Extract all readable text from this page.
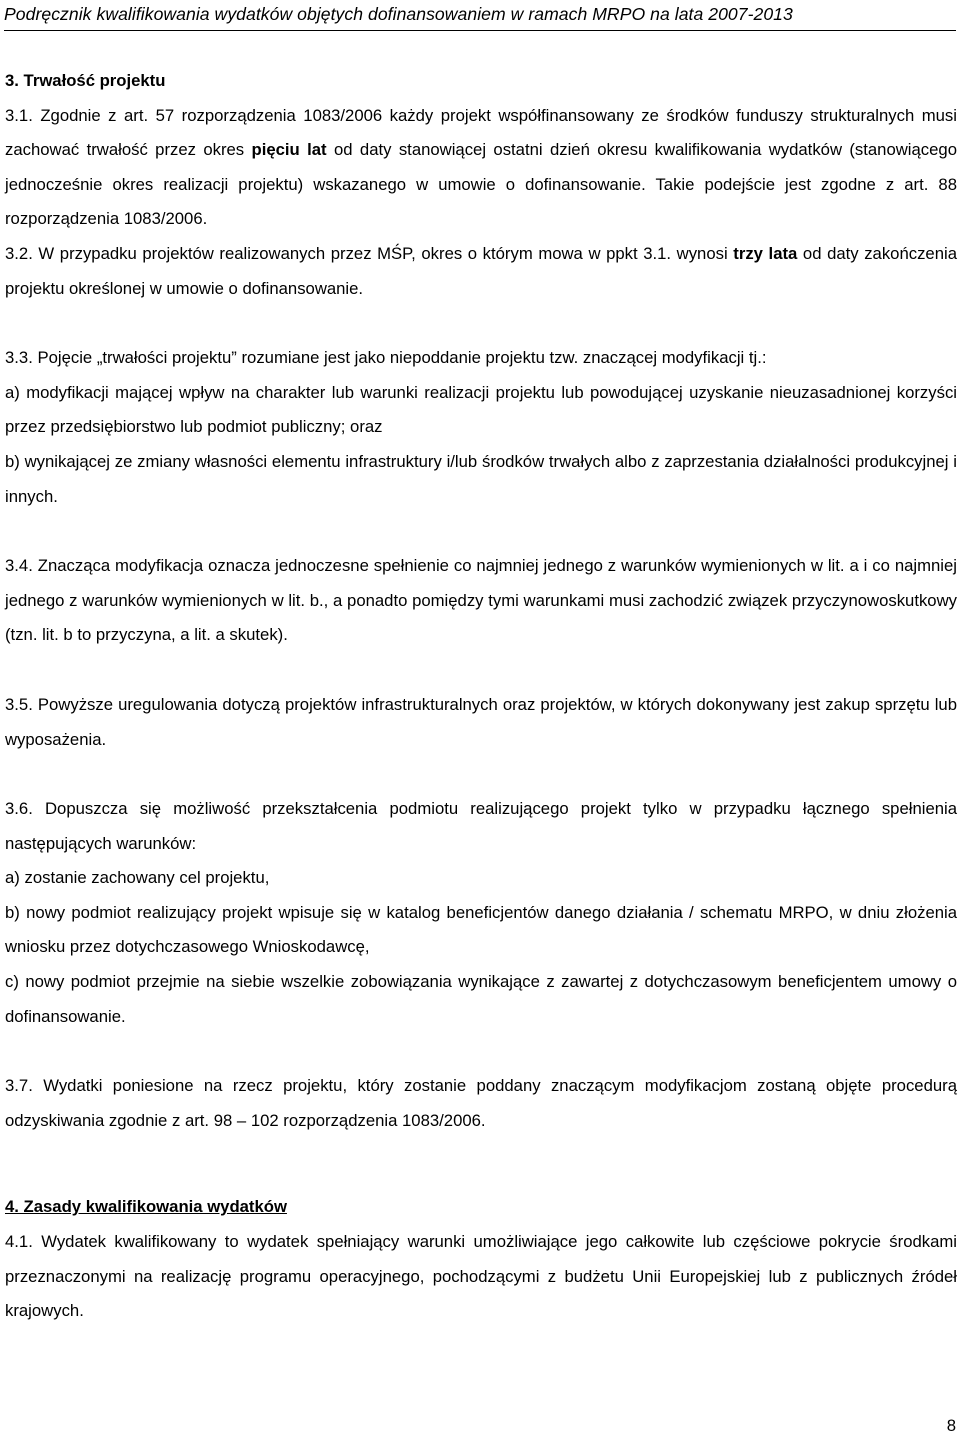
Podręcznik kwalifikowania wydatków objętych dofinansowaniem w ramach MRPO na lata 2007-2013

3. Trwałość projektu

3.1. Zgodnie z art. 57 rozporządzenia 1083/2006 każdy projekt współfinansowany ze środków funduszy strukturalnych musi zachować trwałość przez okres pięciu lat od daty stanowiącej ostatni dzień okresu kwalifikowania wydatków (stanowiącego jednocześnie okres realizacji projektu) wskazanego w umowie o dofinansowanie. Takie podejście jest zgodne z art. 88 rozporządzenia 1083/2006.

3.2. W przypadku projektów realizowanych przez MŚP, okres o którym mowa w ppkt 3.1. wynosi trzy lata od daty zakończenia projektu określonej w umowie o dofinansowanie.

3.3. Pojęcie „trwałości projektu” rozumiane jest jako niepoddanie projektu tzw. znaczącej modyfikacji tj.:

a) modyfikacji mającej wpływ na charakter lub warunki realizacji projektu lub powodującej uzyskanie nieuzasadnionej korzyści przez przedsiębiorstwo lub podmiot publiczny; oraz

b) wynikającej ze zmiany własności elementu infrastruktury i/lub środków trwałych albo z zaprzestania działalności produkcyjnej i innych.

3.4. Znacząca modyfikacja oznacza jednoczesne spełnienie co najmniej jednego z warunków wymienionych w lit. a i co najmniej jednego z warunków wymienionych w lit. b., a ponadto pomiędzy tymi warunkami musi zachodzić związek przyczynowoskutkowy (tzn. lit. b to przyczyna, a lit. a skutek).

3.5. Powyższe uregulowania dotyczą projektów infrastrukturalnych oraz projektów, w których dokonywany jest zakup sprzętu lub wyposażenia.

3.6. Dopuszcza się możliwość przekształcenia podmiotu realizującego projekt tylko w przypadku łącznego spełnienia następujących warunków:

a) zostanie zachowany cel projektu,

b) nowy podmiot realizujący projekt wpisuje się w katalog beneficjentów danego działania / schematu MRPO, w dniu złożenia wniosku przez dotychczasowego Wnioskodawcę,

c) nowy podmiot przejmie na siebie wszelkie zobowiązania wynikające z zawartej z dotychczasowym beneficjentem umowy o dofinansowanie.

3.7. Wydatki poniesione na rzecz projektu, który zostanie poddany znaczącym modyfikacjom zostaną objęte procedurą odzyskiwania zgodnie z art. 98 – 102 rozporządzenia 1083/2006.

4. Zasady kwalifikowania wydatków

4.1. Wydatek kwalifikowany to wydatek spełniający warunki umożliwiające jego całkowite lub częściowe pokrycie środkami przeznaczonymi na realizację programu operacyjnego, pochodzącymi z budżetu Unii Europejskiej lub z publicznych źródeł krajowych.

8
